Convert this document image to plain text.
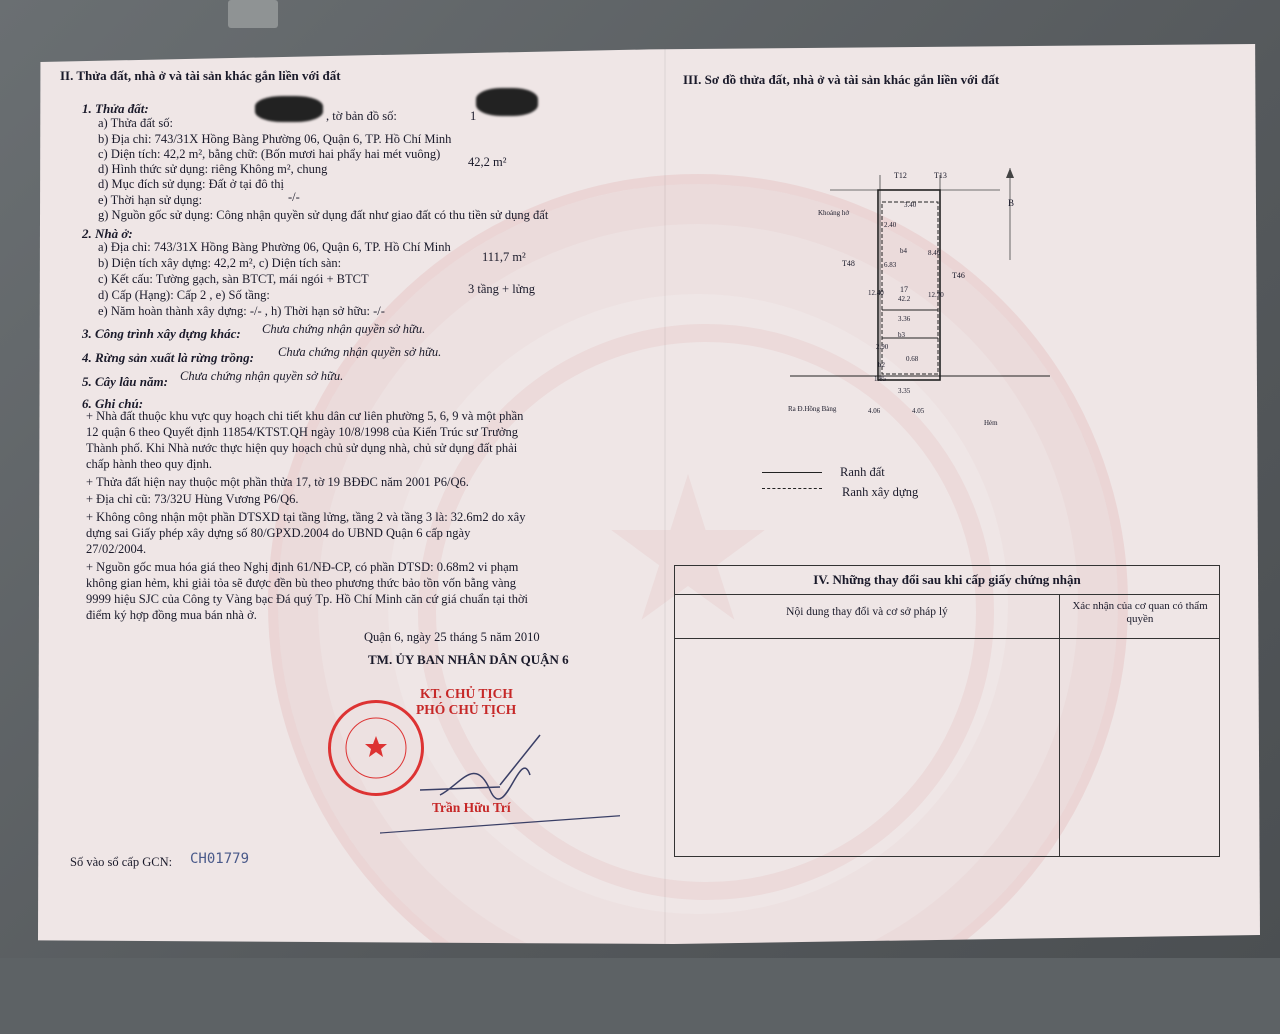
II. Thửa đất, nhà ở và tài sản khác gắn liền với đất
1. Thửa đất:
a) Thửa đất số:	, tờ bản đồ số:	1
b) Địa chỉ: 743/31X Hồng Bàng Phường 06, Quận 6, TP. Hồ Chí Minh
c) Diện tích: 42,2 m², bằng chữ: (Bốn mươi hai phẩy hai mét vuông)
d) Hình thức sử dụng: riêng Không m², chung	42,2 m²
d) Mục đích sử dụng: Đất ở tại đô thị
e) Thời hạn sử dụng:	-/-
g) Nguồn gốc sử dụng: Công nhận quyền sử dụng đất như giao đất có thu tiền sử dụng đất
2. Nhà ở:
a) Địa chỉ: 743/31X Hồng Bàng Phường 06, Quận 6, TP. Hồ Chí Minh
b) Diện tích xây dựng: 42,2 m², c) Diện tích sàn:	111,7 m²
c) Kết cấu: Tường gạch, sàn BTCT, mái ngói + BTCT
d) Cấp (Hạng): Cấp 2 , e) Số tầng:	3 tầng + lửng
e) Năm hoàn thành xây dựng: -/- , h) Thời hạn sở hữu: -/-
3. Công trình xây dựng khác: Chưa chứng nhận quyền sở hữu.
4. Rừng sản xuất là rừng trồng: Chưa chứng nhận quyền sở hữu.
5. Cây lâu năm: Chưa chứng nhận quyền sở hữu.
6. Ghi chú:
+ Nhà đất thuộc khu vực quy hoạch chi tiết khu dân cư liên phường 5, 6, 9 và một phần
12 quận 6 theo Quyết định 11854/KTST.QH ngày 10/8/1998 của Kiến Trúc sư Trưởng
Thành phố. Khi Nhà nước thực hiện quy hoạch chủ sử dụng nhà, chủ sử dụng đất phải
chấp hành theo quy định.
+ Thửa đất hiện nay thuộc một phần thửa 17, tờ 19 BĐĐC năm 2001 P6/Q6.
+ Địa chỉ cũ: 73/32U Hùng Vương P6/Q6.
+ Không công nhận một phần DTSXD tại tầng lửng, tầng 2 và tầng 3 là: 32.6m2 do xây
dựng sai Giấy phép xây dựng số 80/GPXD.2004 do UBND Quận 6 cấp ngày
27/02/2004.
+ Nguồn gốc mua hóa giá theo Nghị định 61/NĐ-CP, có phần DTSD: 0.68m2 vi phạm
không gian hẻm, khi giải tỏa sẽ được đền bù theo phương thức bảo tồn vốn bằng vàng
9999 hiệu SJC của Công ty Vàng bạc Đá quý Tp. Hồ Chí Minh căn cứ giá chuẩn tại thời
điểm ký hợp đồng mua bán nhà ở.
Quận 6, ngày 25 tháng 5 năm 2010
TM. ỦY BAN NHÂN DÂN QUẬN 6
KT. CHỦ TỊCH
PHÓ CHỦ TỊCH
Trần Hữu Trí
Số vào sổ cấp GCN: CH01779
III. Sơ đồ thửa đất, nhà ở và tài sản khác gắn liền với đất
T12	T13
Khoảng hở
T48
T46
B
17
42.2
3.40
2.40
6.83
8.46
12.40	12.70
3.36
b3
b4
b2
1.85
3.35
4.06	4.05
2.90
0.68
Ra Đ.Hồng Bàng
Hẻm
Ranh đất
Ranh xây dựng
IV. Những thay đổi sau khi cấp giấy chứng nhận
Nội dung thay đổi và cơ sở pháp lý	Xác nhận của cơ quan có thẩm quyền
